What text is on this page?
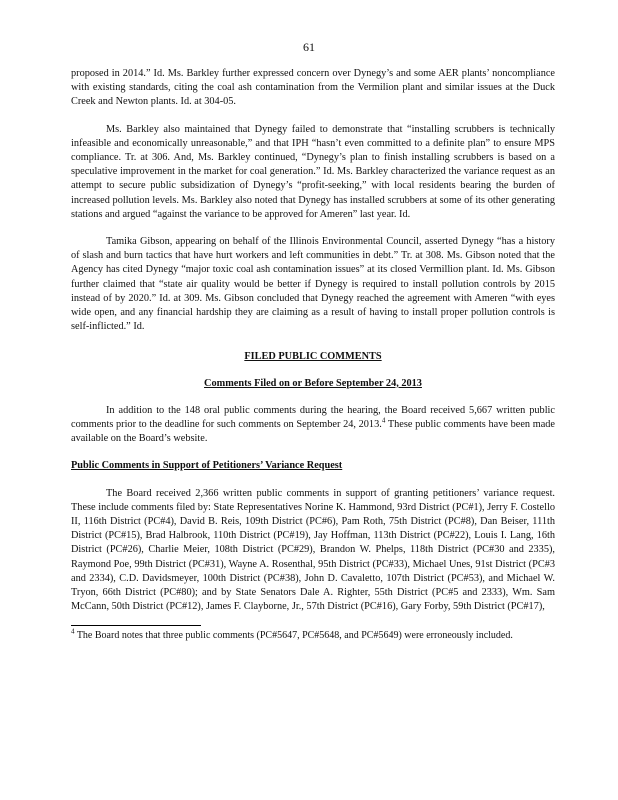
61

proposed in 2014.” Id. Ms. Barkley further expressed concern over Dynegy’s and some AER plants’ noncompliance with existing standards, citing the coal ash contamination from the Vermilion plant and similar issues at the Duck Creek and Newton plants. Id. at 304-05.

Ms. Barkley also maintained that Dynegy failed to demonstrate that “installing scrubbers is technically infeasible and economically unreasonable,” and that IPH “hasn’t even committed to a definite plan” to ensure MPS compliance. Tr. at 306. And, Ms. Barkley continued, “Dynegy’s plan to finish installing scrubbers is based on a speculative improvement in the market for coal generation.” Id. Ms. Barkley characterized the variance request as an attempt to secure public subsidization of Dynegy’s “profit-seeking,” with local residents bearing the burden of increased pollution levels. Ms. Barkley also noted that Dynegy has installed scrubbers at some of its other generating stations and argued “against the variance to be approved for Ameren” last year. Id.

Tamika Gibson, appearing on behalf of the Illinois Environmental Council, asserted Dynegy “has a history of slash and burn tactics that have hurt workers and left communities in debt.” Tr. at 308. Ms. Gibson noted that the Agency has cited Dynegy “major toxic coal ash contamination issues” at its closed Vermillion plant. Id. Ms. Gibson further claimed that “state air quality would be better if Dynegy is required to install pollution controls by 2015 instead of by 2020.” Id. at 309. Ms. Gibson concluded that Dynegy reached the agreement with Ameren “with eyes wide open, and any financial hardship they are claiming as a result of having to install proper pollution controls is self-inflicted.” Id.

FILED PUBLIC COMMENTS

Comments Filed on or Before September 24, 2013

In addition to the 148 oral public comments during the hearing, the Board received 5,667 written public comments prior to the deadline for such comments on September 24, 2013.$^4$ These public comments have been made available on the Board’s website.

Public Comments in Support of Petitioners’ Variance Request

The Board received 2,366 written public comments in support of granting petitioners’ variance request. These include comments filed by: State Representatives Norine K. Hammond, 93rd District (PC#1), Jerry F. Costello II, 116th District (PC#4), David B. Reis, 109th District (PC#6), Pam Roth, 75th District (PC#8), Dan Beiser, 111th District (PC#15), Brad Halbrook, 110th District (PC#19), Jay Hoffman, 113th District (PC#22), Louis I. Lang, 16th District (PC#26), Charlie Meier, 108th District (PC#29), Brandon W. Phelps, 118th District (PC#30 and 2335), Raymond Poe, 99th District (PC#31), Wayne A. Rosenthal, 95th District (PC#33), Michael Unes, 91st District (PC#3 and 2334), C.D. Davidsmeyer, 100th District (PC#38), John D. Cavaletto, 107th District (PC#53), and Michael W. Tryon, 66th District (PC#80); and by State Senators Dale A. Righter, 55th District (PC#5 and 2333), Wm. Sam McCann, 50th District (PC#12), James F. Clayborne, Jr., 57th District (PC#16), Gary Forby, 59th District (PC#17),

$^4$ The Board notes that three public comments (PC#5647, PC#5648, and PC#5649) were erroneously included.
